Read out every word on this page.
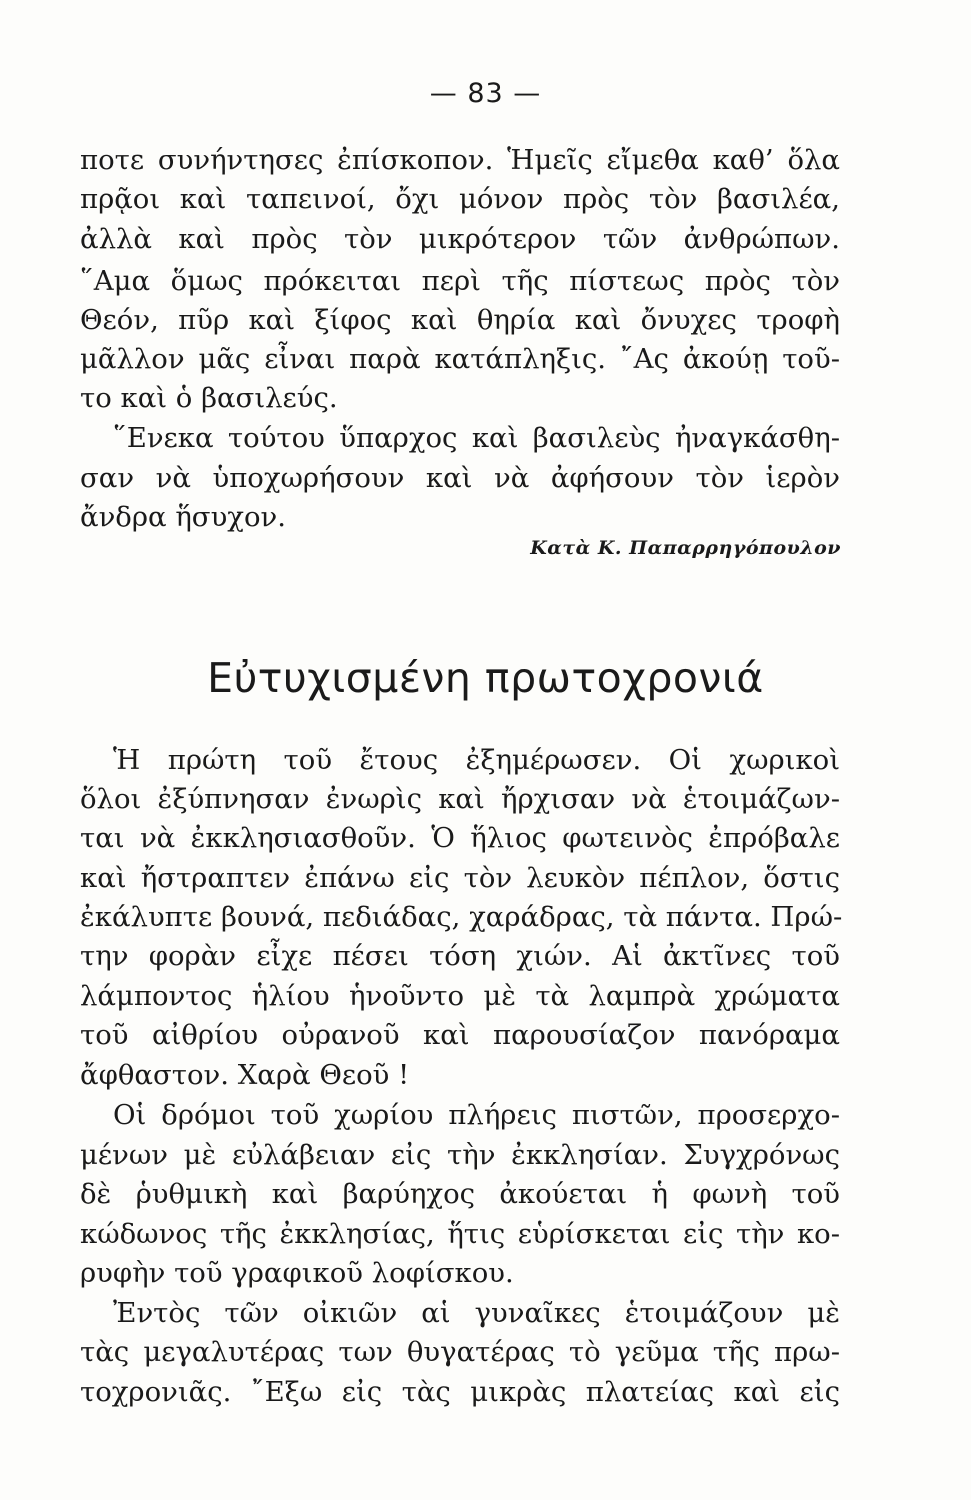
— 83 —
ποτε συνήντησες ἐπίσκοπον. Ἡμεῖς εἴμεθα καθ’ ὅλα
πρᾷοι καὶ ταπεινοί, ὄχι μόνον πρὸς τὸν βασιλέα,
ἀλλὰ καὶ πρὸς τὸν μικρότερον τῶν ἀνθρώπων.
῞Αμα ὅμως πρόκειται περὶ τῆς πίστεως πρὸς τὸν
Θεόν, πῦρ καὶ ξίφος καὶ θηρία καὶ ὄνυχες τροφὴ
μᾶλλον μᾶς εἶναι παρὰ κατάπληξις. ῎Ας ἀκούῃ τοῦ-
το καὶ ὁ βασιλεύς.
῞Ενεκα τούτου ὕπαρχος καὶ βασιλεὺς ἠναγκάσθη-
σαν νὰ ὑποχωρήσουν καὶ νὰ ἀφήσουν τὸν ἱερὸν
ἄνδρα ἥσυχον.
Κατὰ Κ. Παπαρρηγόπουλον
Εὐτυχισμένη πρωτοχρονιά
Ἡ πρώτη τοῦ ἔτους ἐξημέρωσεν. Οἱ χωρικοὶ
ὅλοι ἐξύπνησαν ἐνωρὶς καὶ ἤρχισαν νὰ ἑτοιμάζων-
ται νὰ ἐκκλησιασθοῦν. Ὁ ἥλιος φωτεινὸς ἐπρόβαλε
καὶ ἤστραπτεν ἐπάνω εἰς τὸν λευκὸν πέπλον, ὅστις
ἐκάλυπτε βουνά, πεδιάδας, χαράδρας, τὰ πάντα. Πρώ-
την φορὰν εἶχε πέσει τόση χιών. Αἱ ἀκτῖνες τοῦ
λάμποντος ἡλίου ἡνοῦντο μὲ τὰ λαμπρὰ χρώματα
τοῦ αἰθρίου οὐρανοῦ καὶ παρουσίαζον πανόραμα
ἄφθαστον. Χαρὰ Θεοῦ !
Οἱ δρόμοι τοῦ χωρίου πλήρεις πιστῶν, προσερχο-
μένων μὲ εὐλάβειαν εἰς τὴν ἐκκλησίαν. Συγχρόνως
δὲ ῥυθμικὴ καὶ βαρύηχος ἀκούεται ἡ φωνὴ τοῦ
κώδωνος τῆς ἐκκλησίας, ἥτις εὑρίσκεται εἰς τὴν κο-
ρυφὴν τοῦ γραφικοῦ λοφίσκου.
Ἐντὸς τῶν οἰκιῶν αἱ γυναῖκες ἑτοιμάζουν μὲ
τὰς μεγαλυτέρας των θυγατέρας τὸ γεῦμα τῆς πρω-
τοχρονιᾶς. ῎Εξω εἰς τὰς μικρὰς πλατείας καὶ εἰς
